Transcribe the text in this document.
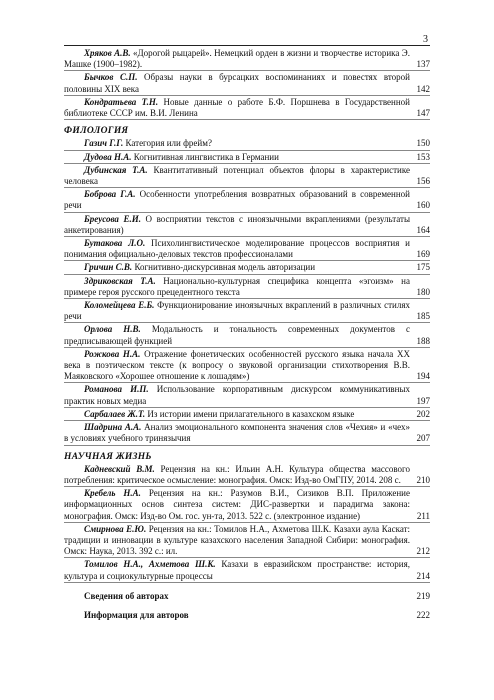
3
Хряков А.В. «Дорогой рыцарей». Немецкий орден в жизни и творчестве историка Э. Машке (1900–1982).	137
Бычков С.П. Образы науки в бурсацких воспоминаниях и повестях второй половины XIX века	142
Кондратьева Т.Н. Новые данные о работе Б.Ф. Поршнева в Государственной библиотеке СССР им. В.И. Ленина	147
ФИЛОЛОГИЯ
Газич Г.Г. Категория или фрейм?	150
Дудова Н.А. Когнитивная лингвистика в Германии	153
Дубинская Т.А. Квантитативный потенциал объектов флоры в характеристике человека	156
Боброва Г.А. Особенности употребления возвратных образований в современной речи	160
Бреусова Е.И. О восприятии текстов с иноязычными вкраплениями (результаты анкетирования)	164
Бутакова Л.О. Психолингвистическое моделирование процессов восприятия и понимания официально-деловых текстов профессионалами	169
Гричин С.В. Когнитивно-дискурсивная модель авторизации	175
Здриковская Т.А. Национально-культурная специфика концепта «эгоизм» на примере героя русского прецедентного текста	180
Коломейцева Е.Б. Функционирование иноязычных вкраплений в различных стилях речи	185
Орлова Н.В. Модальность и тональность современных документов с предписывающей функцией	188
Рожкова Н.А. Отражение фонетических особенностей русского языка начала XX века в поэтическом тексте (к вопросу о звуковой организации стихотворения В.В. Маяковского «Хорошее отношение к лошадям»)	194
Романова И.П. Использование корпоративным дискурсом коммуникативных практик новых медиа	197
Сарбалаев Ж.Т. Из истории имени прилагательного в казахском языке	202
Шадрина А.А. Анализ эмоционального компонента значения слов «Чехия» и «чех» в условиях учебного тринязычия	207
НАУЧНАЯ ЖИЗНЬ
Кадневский В.М. Рецензия на кн.: Ильин А.Н. Культура общества массового потребления: критическое осмысление: монография. Омск: Изд-во ОмГПУ, 2014. 208 с.	210
Кребель Н.А. Рецензия на кн.: Разумов В.И., Сизиков В.П. Приложение информационных основ синтеза систем: ДИС-развертки и парадигма закона: монография. Омск: Изд-во Ом. гос. ун-та, 2013. 522 с. (электронное издание)	211
Смирнова Е.Ю. Рецензия на кн.: Томилов Н.А., Ахметова Ш.К. Казахи аула Каскат: традиции и инновации в культуре казахского населения Западной Сибири: монография. Омск: Наука, 2013. 392 с.: ил.	212
Томилов Н.А., Ахметова Ш.К. Казахи в евразийском пространстве: история, культура и социокультурные процессы	214
Сведения об авторах	219
Информация для авторов	222
